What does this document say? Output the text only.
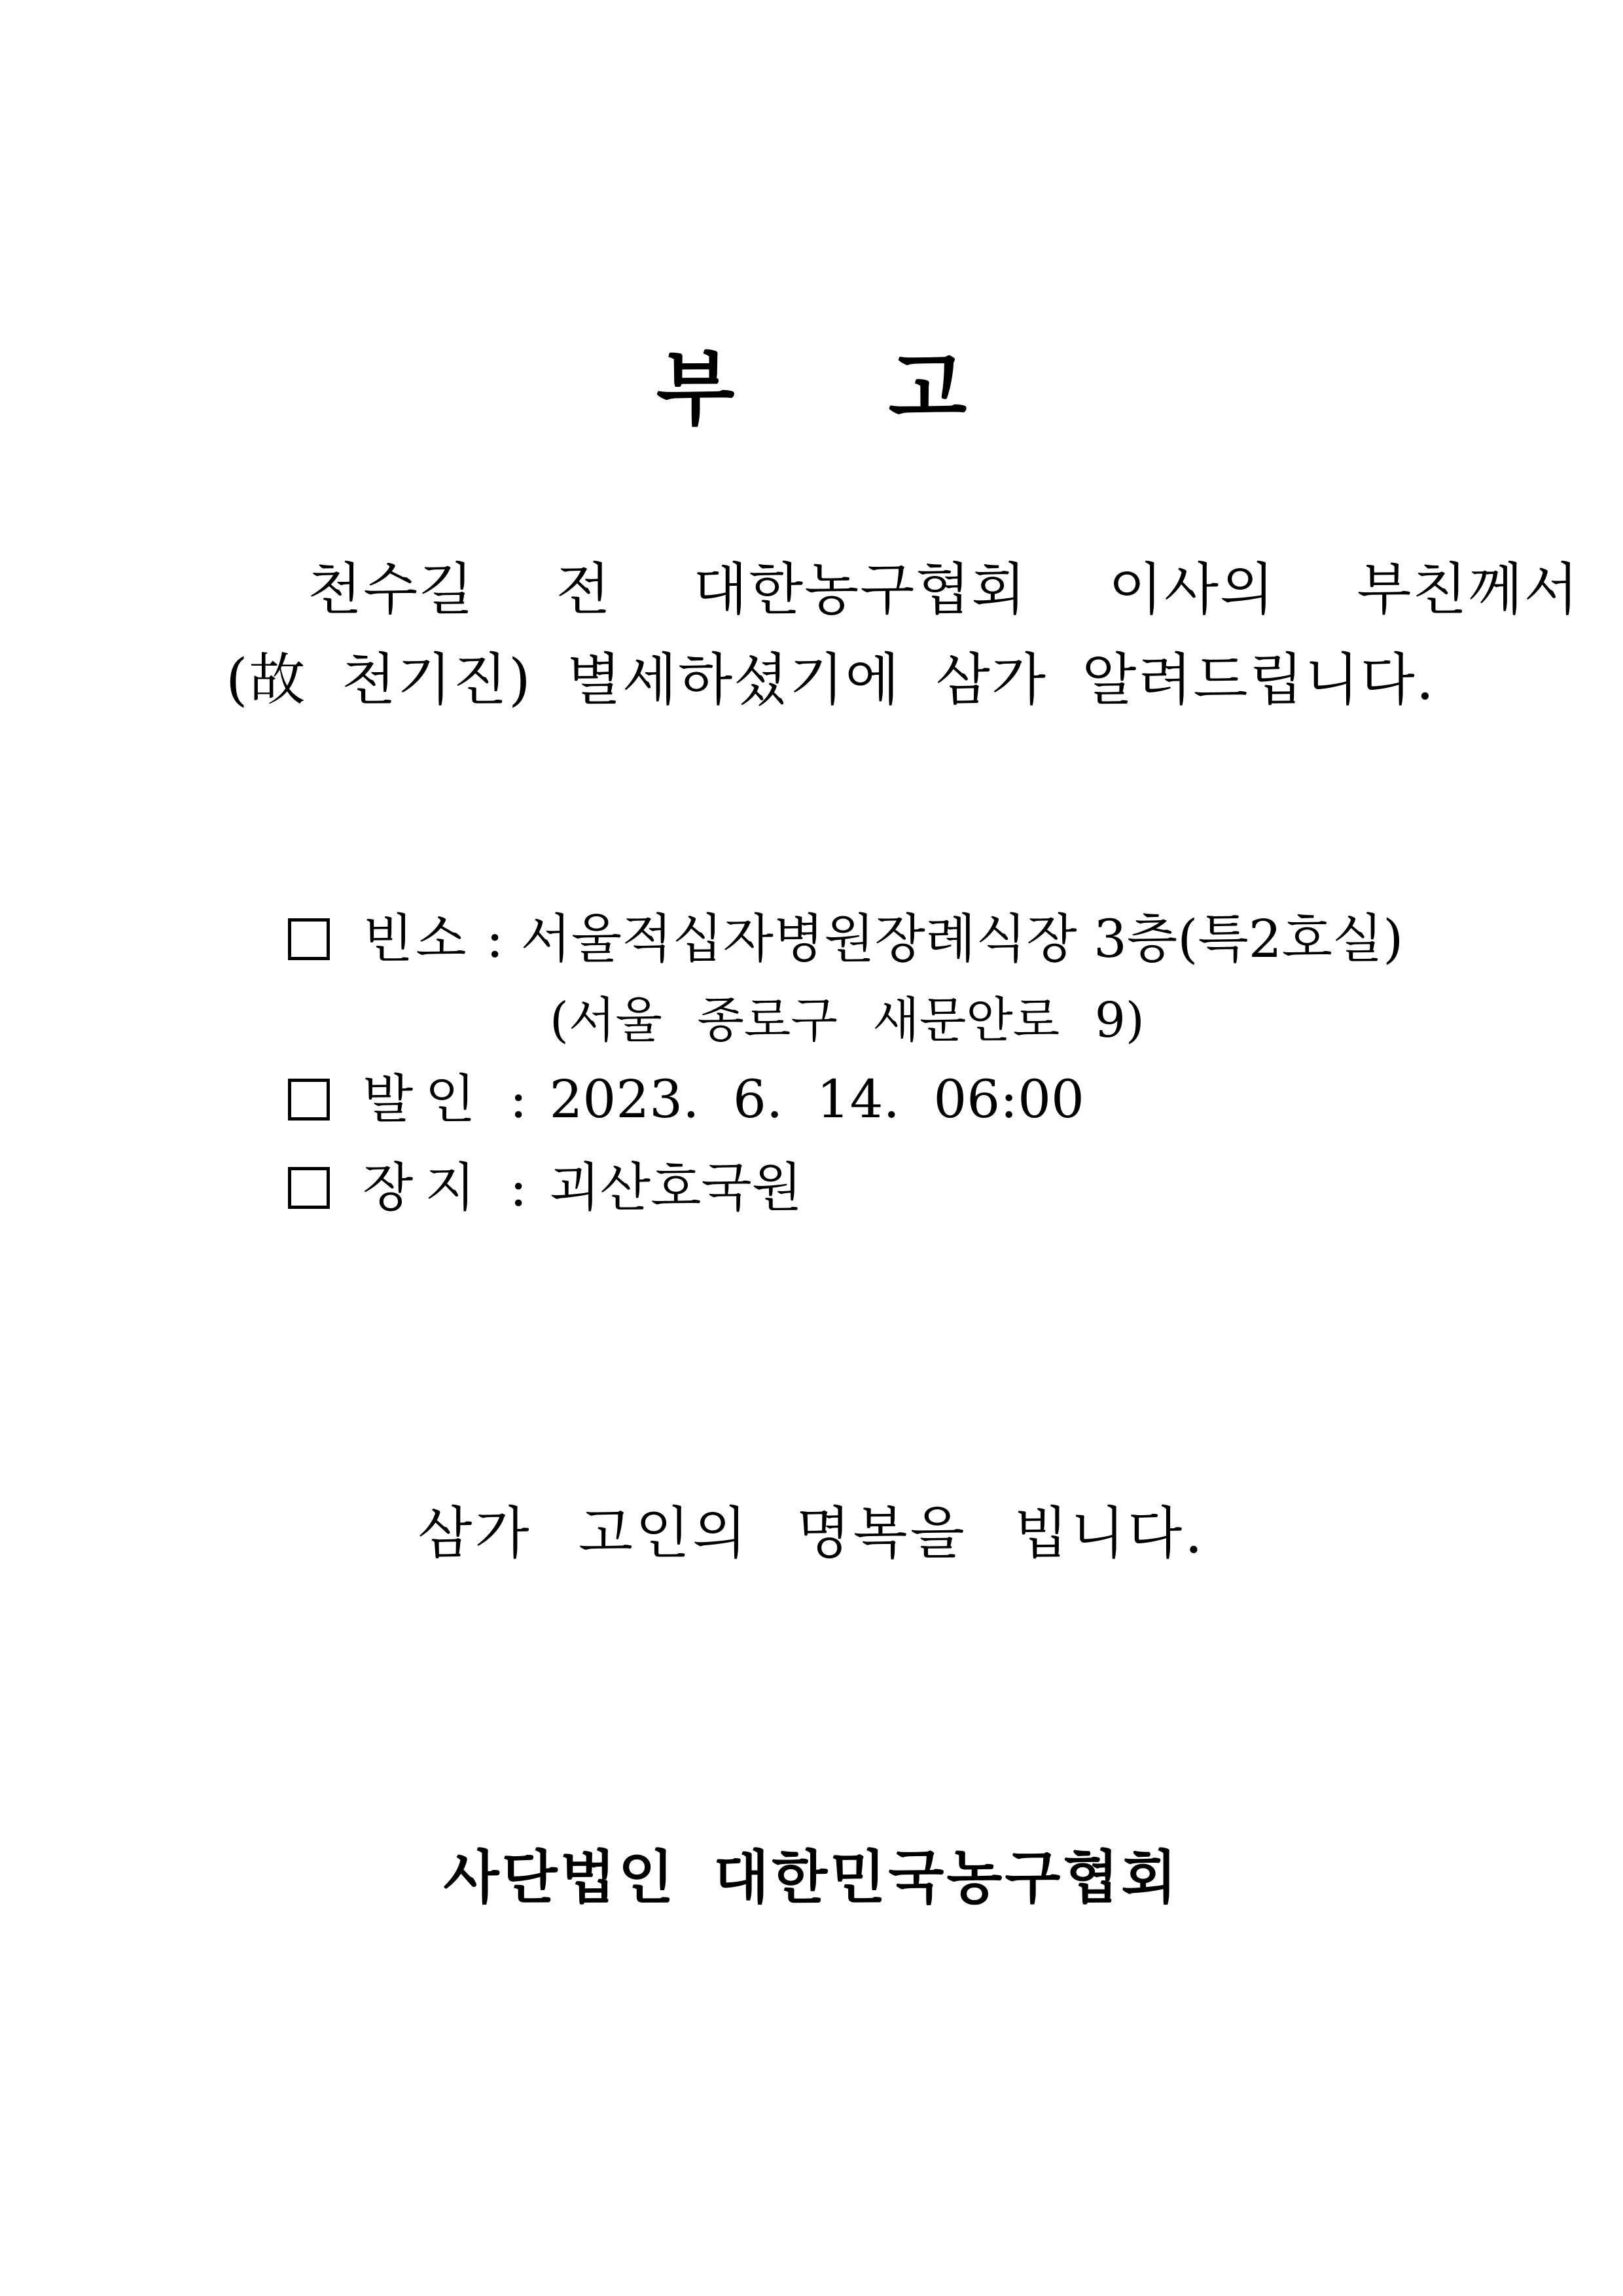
부 고
천수길 전 대한농구협회 이사의 부친께서
(故 천기진) 별세하셨기에 삼가 알려드립니다.
빈소 : 서울적십자병원장례식장 3층(특2호실)
(서울 종로구 새문안로 9)
발인 : 2023. 6. 14. 06:00
장지 : 괴산호국원
삼가 고인의 명복을 빕니다.
사단법인 대한민국농구협회
